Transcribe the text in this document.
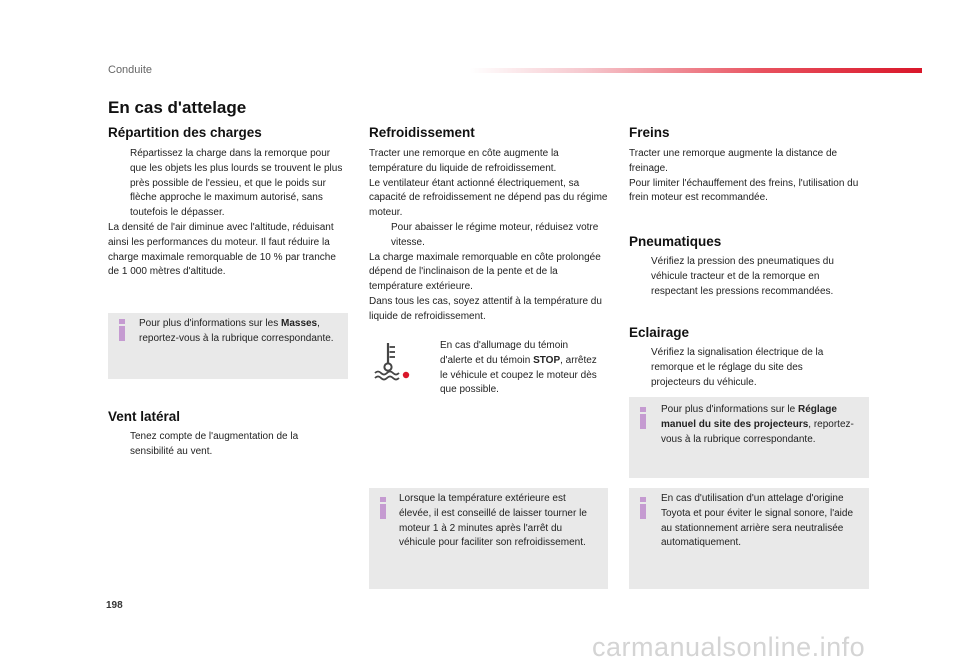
Conduite
En cas d'attelage
Répartition des charges
Répartissez la charge dans la remorque pour que les objets les plus lourds se trouvent le plus près possible de l'essieu, et que le poids sur flèche approche le maximum autorisé, sans toutefois le dépasser.
La densité de l'air diminue avec l'altitude, réduisant ainsi les performances du moteur. Il faut réduire la charge maximale remorquable de 10 % par tranche de 1 000 mètres d'altitude.
Pour plus d'informations sur les Masses, reportez-vous à la rubrique correspondante.
Vent latéral
Tenez compte de l'augmentation de la sensibilité au vent.
Refroidissement
Tracter une remorque en côte augmente la température du liquide de refroidissement.
Le ventilateur étant actionné électriquement, sa capacité de refroidissement ne dépend pas du régime moteur.
Pour abaisser le régime moteur, réduisez votre vitesse.
La charge maximale remorquable en côte prolongée dépend de l'inclinaison de la pente et de la température extérieure.
Dans tous les cas, soyez attentif à la température du liquide de refroidissement.
En cas d'allumage du témoin d'alerte et du témoin STOP, arrêtez le véhicule et coupez le moteur dès que possible.
Lorsque la température extérieure est élevée, il est conseillé de laisser tourner le moteur 1 à 2 minutes après l'arrêt du véhicule pour faciliter son refroidissement.
Freins
Tracter une remorque augmente la distance de freinage.
Pour limiter l'échauffement des freins, l'utilisation du frein moteur est recommandée.
Pneumatiques
Vérifiez la pression des pneumatiques du véhicule tracteur et de la remorque en respectant les pressions recommandées.
Eclairage
Vérifiez la signalisation électrique de la remorque et le réglage du site des projecteurs du véhicule.
Pour plus d'informations sur le Réglage manuel du site des projecteurs, reportez-vous à la rubrique correspondante.
En cas d'utilisation d'un attelage d'origine Toyota et pour éviter le signal sonore, l'aide au stationnement arrière sera neutralisée automatiquement.
198
carmanualsonline.info
